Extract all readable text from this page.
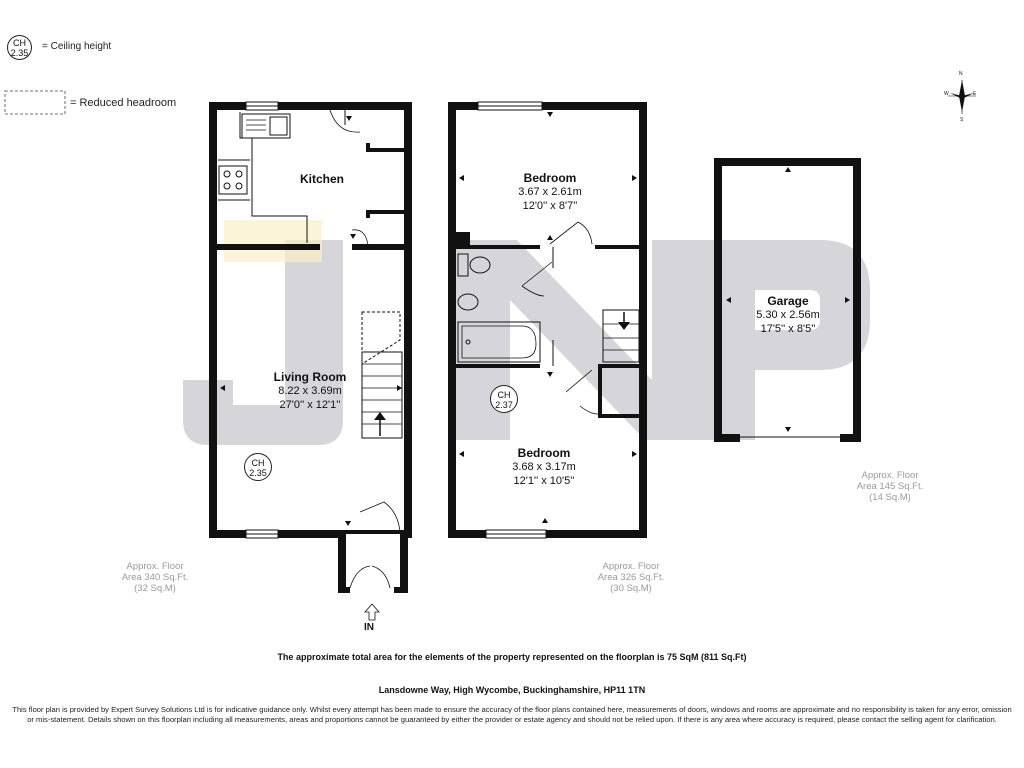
N
S
E
W
CH
2.35
= Ceiling height
= Reduced headroom
Kitchen
Living Room
8.22 x 3.69m
27'0'' x 12'1''
CH
2.35
Bedroom
3.67 x 2.61m
12'0'' x 8'7''
Bedroom
3.68 x 3.17m
12'1'' x 10'5''
CH
2.37
Garage
5.30 x 2.56m
17'5'' x 8'5''
Approx. Floor
Area 340 Sq.Ft.
(32 Sq.M)
Approx. Floor
Area 326 Sq.Ft.
(30 Sq.M)
Approx. Floor
Area 145 Sq.Ft.
(14 Sq.M)
IN
The approximate total area for the elements of the property represented on the floorplan is 75 SqM (811 Sq.Ft)
Lansdowne Way, High Wycombe, Buckinghamshire, HP11 1TN
This floor plan is provided by Expert Survey Solutions Ltd is for indicative guidance only. Whilst every attempt has been made to ensure the accuracy of the floor plans contained here, measurements of doors, windows and rooms are approximate and no responsibility is taken for any error, omission or mis-statement. Details shown on this floorplan including all measurements, areas and proportions cannot be guaranteed by either the provider or estate agency and should not be relied upon. If there is any area where accuracy is required, please contact the selling agent for clarification.
